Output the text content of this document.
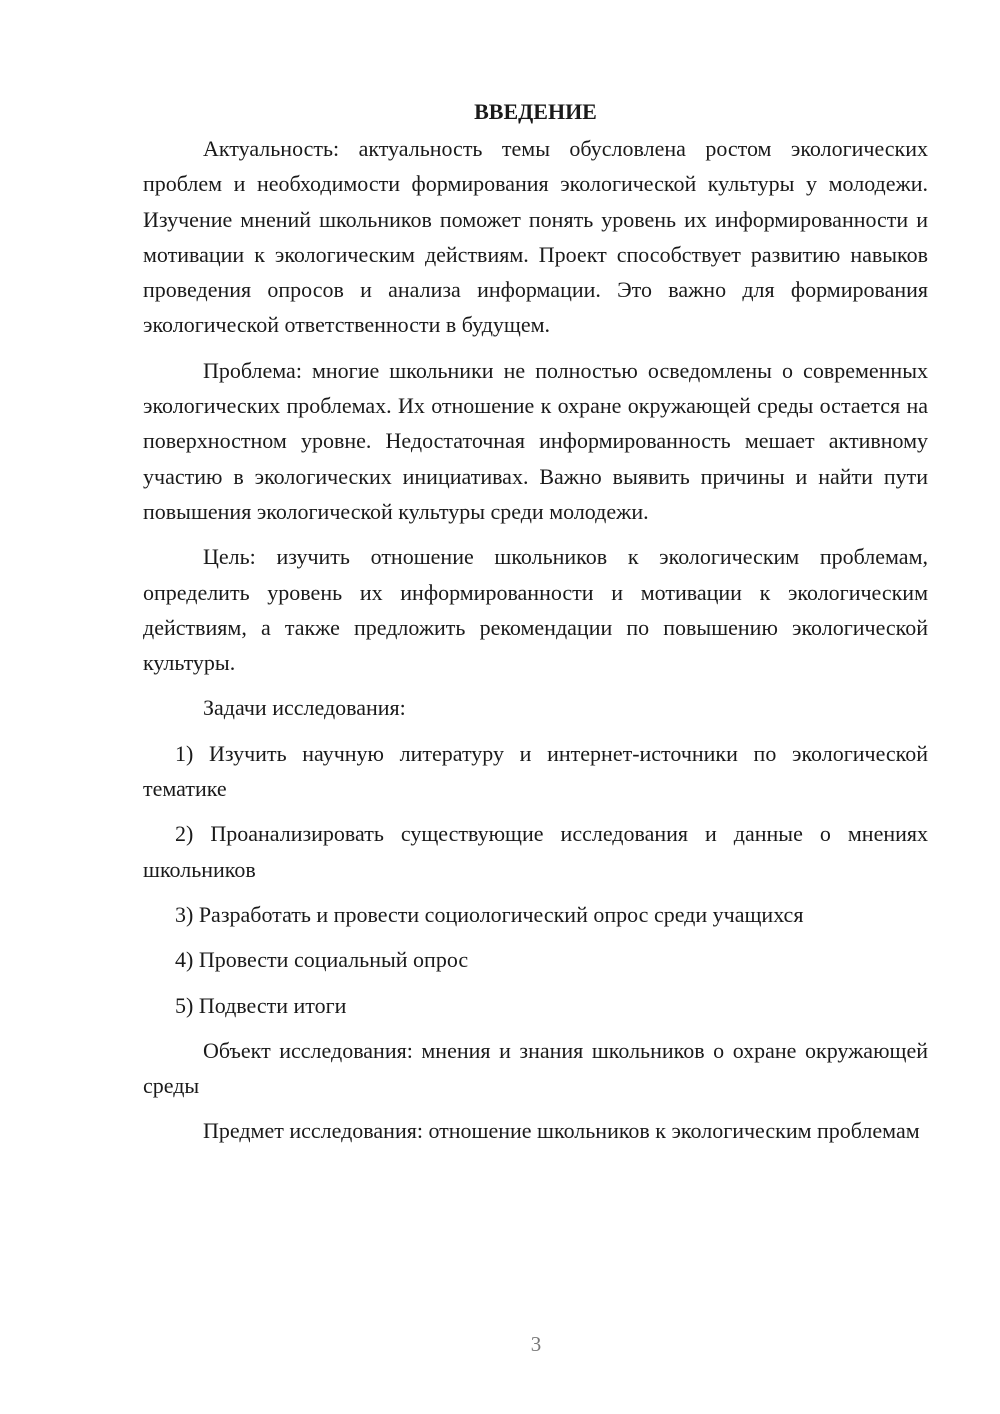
ВВЕДЕНИЕ

Актуальность: актуальность темы обусловлена ростом экологических проблем и необходимости формирования экологической культуры у молодежи. Изучение мнений школьников поможет понять уровень их информированности и мотивации к экологическим действиям. Проект способствует развитию навыков проведения опросов и анализа информации. Это важно для формирования экологической ответственности в будущем.

Проблема: многие школьники не полностью осведомлены о современных экологических проблемах. Их отношение к охране окружающей среды остается на поверхностном уровне. Недостаточная информированность мешает активному участию в экологических инициативах. Важно выявить причины и найти пути повышения экологической культуры среди молодежи.

Цель: изучить отношение школьников к экологическим проблемам, определить уровень их информированности и мотивации к экологическим действиям, а также предложить рекомендации по повышению экологической культуры.

Задачи исследования:

1) Изучить научную литературу и интернет-источники по экологической тематике

2) Проанализировать существующие исследования и данные о мнениях школьников

3) Разработать и провести социологический опрос среди учащихся

4) Провести социальный опрос

5) Подвести итоги

Объект исследования: мнения и знания школьников о охране окружающей среды

Предмет исследования: отношение школьников к экологическим проблемам

3
